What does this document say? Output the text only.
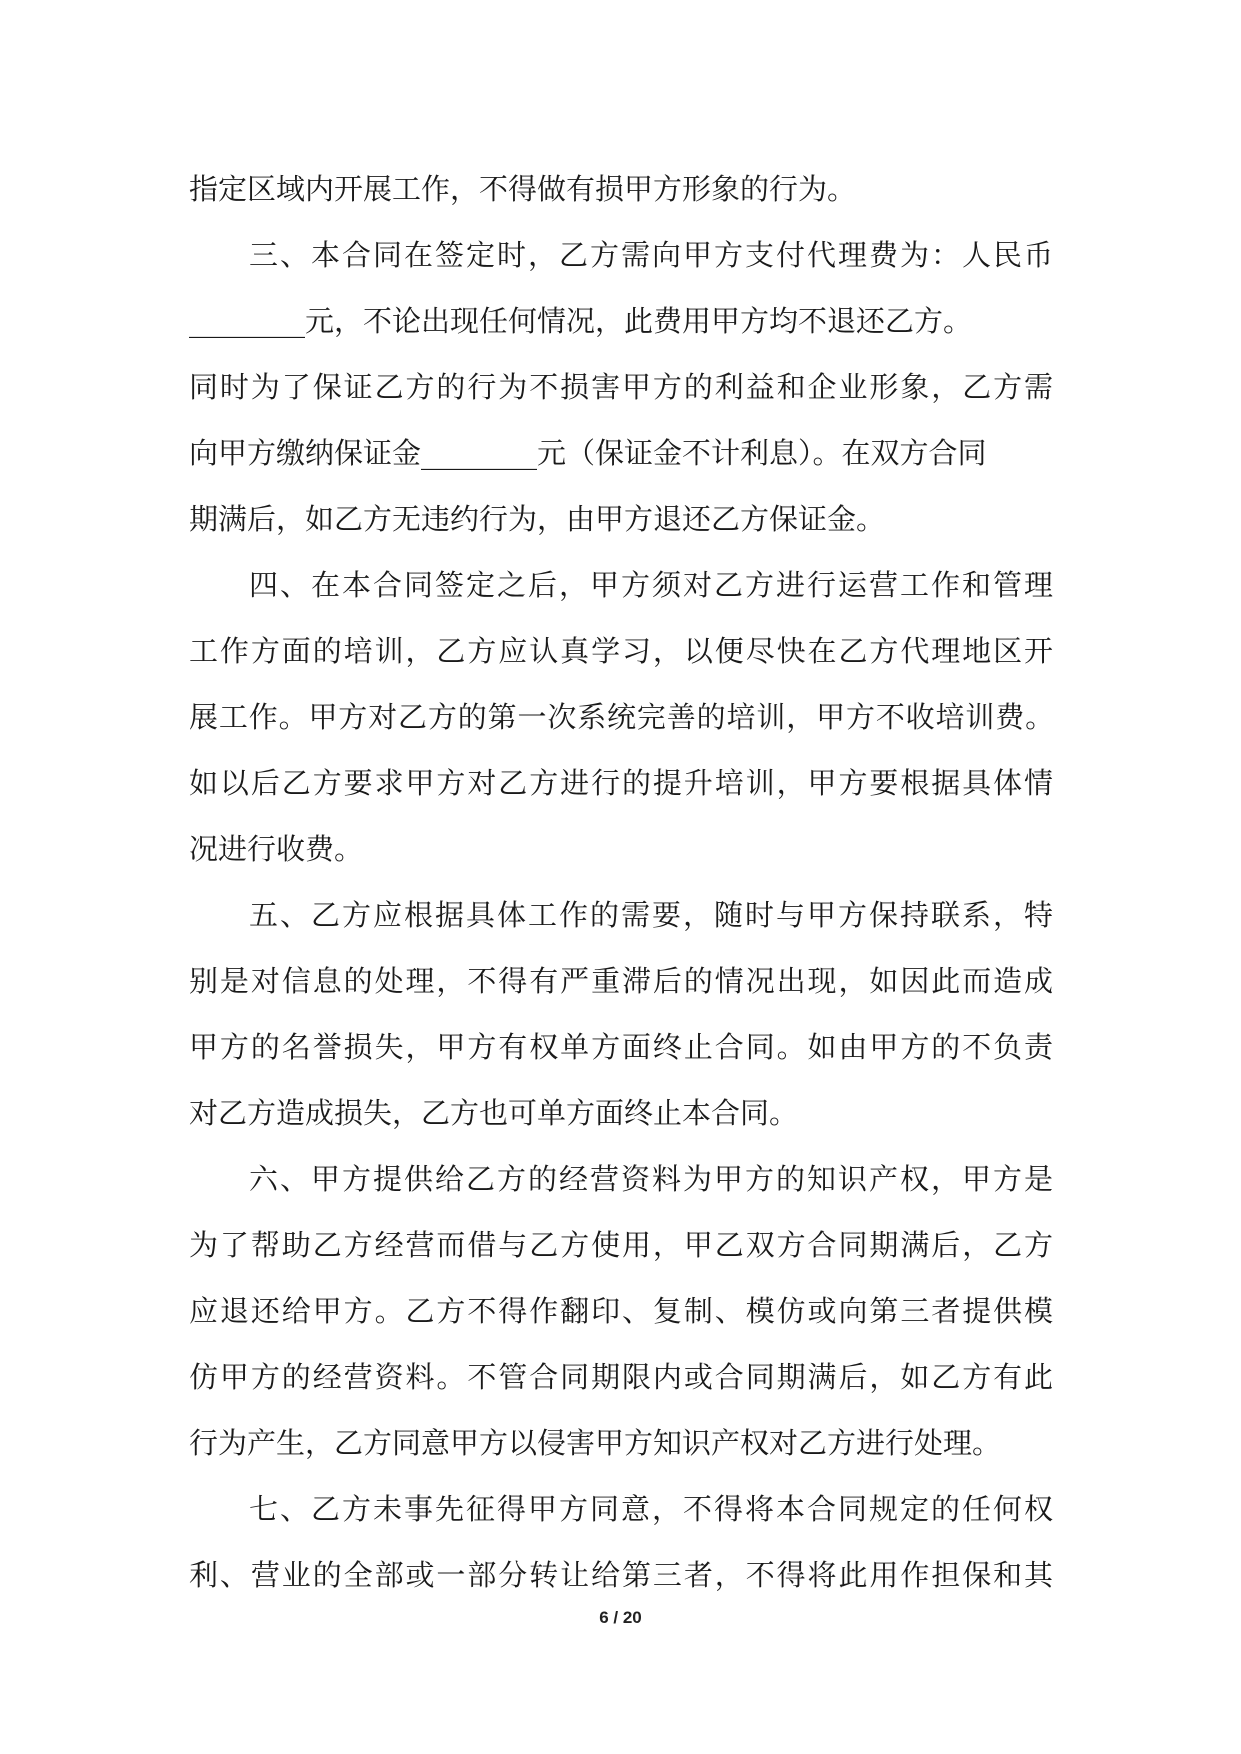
指定区域内开展工作，不得做有损甲方形象的行为。
三、本合同在签定时，乙方需向甲方支付代理费为：人民币
________元，不论出现任何情况，此费用甲方均不退还乙方。
同时为了保证乙方的行为不损害甲方的利益和企业形象，乙方需
向甲方缴纳保证金________元（保证金不计利息）。在双方合同
期满后，如乙方无违约行为，由甲方退还乙方保证金。
四、在本合同签定之后，甲方须对乙方进行运营工作和管理
工作方面的培训，乙方应认真学习，以便尽快在乙方代理地区开
展工作。甲方对乙方的第一次系统完善的培训，甲方不收培训费。
如以后乙方要求甲方对乙方进行的提升培训，甲方要根据具体情
况进行收费。
五、乙方应根据具体工作的需要，随时与甲方保持联系，特
别是对信息的处理，不得有严重滞后的情况出现，如因此而造成
甲方的名誉损失，甲方有权单方面终止合同。如由甲方的不负责
对乙方造成损失，乙方也可单方面终止本合同。
六、甲方提供给乙方的经营资料为甲方的知识产权，甲方是
为了帮助乙方经营而借与乙方使用，甲乙双方合同期满后，乙方
应退还给甲方。乙方不得作翻印、复制、模仿或向第三者提供模
仿甲方的经营资料。不管合同期限内或合同期满后，如乙方有此
行为产生，乙方同意甲方以侵害甲方知识产权对乙方进行处理。
七、乙方未事先征得甲方同意，不得将本合同规定的任何权
利、营业的全部或一部分转让给第三者，不得将此用作担保和其
6 / 20
